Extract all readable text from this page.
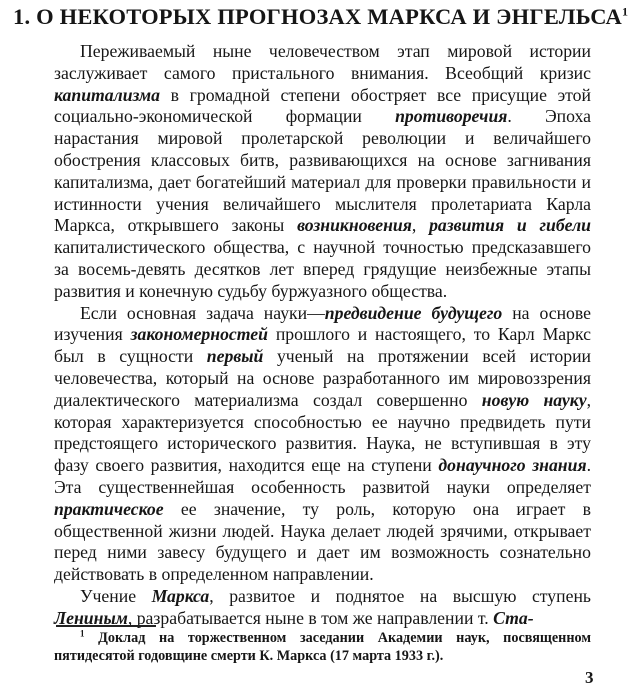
1. О НЕКОТОРЫХ ПРОГНОЗАХ МАРКСА И ЭНГЕЛЬСА$^1$

Переживаемый ныне человечеством этап мировой истории заслуживает самого пристального внимания. Всеобщий кризис капитализма в громадной степени обостряет все присущие этой социально-экономической формации противоречия. Эпоха нарастания мировой пролетарской революции и величайшего обострения классовых битв, развивающихся на основе загнивания капитализма, дает богатейший материал для проверки правильности и истинности учения величайшего мыслителя пролетариата Карла Маркса, открывшего законы возникновения, развития и гибели капиталистического общества, с научной точностью предсказавшего за восемь-девять десятков лет вперед грядущие неизбежные этапы развития и конечную судьбу буржуазного общества.

Если основная задача науки—предвидение будущего на основе изучения закономерностей прошлого и настоящего, то Карл Маркс был в сущности первый ученый на протяжении всей истории человечества, который на основе разработанного им мировоззрения диалектического материализма создал совершенно новую науку, которая характеризуется способностью ее научно предвидеть пути предстоящего исторического развития. Наука, не вступившая в эту фазу своего развития, находится еще на ступени донаучного знания. Эта существеннейшая особенность развитой науки определяет практическое ее значение, ту роль, которую она играет в общественной жизни людей. Наука делает людей зрячими, открывает перед ними завесу будущего и дает им возможность сознательно действовать в определенном направлении.

Учение Маркса, развитое и поднятое на высшую ступень Лениным, разрабатывается ныне в том же направлении т. Ста-

$^1$ Доклад на торжественном заседании Академии наук, посвященном пятидесятой годовщине смерти К. Маркса (17 марта 1933 г.).
3
